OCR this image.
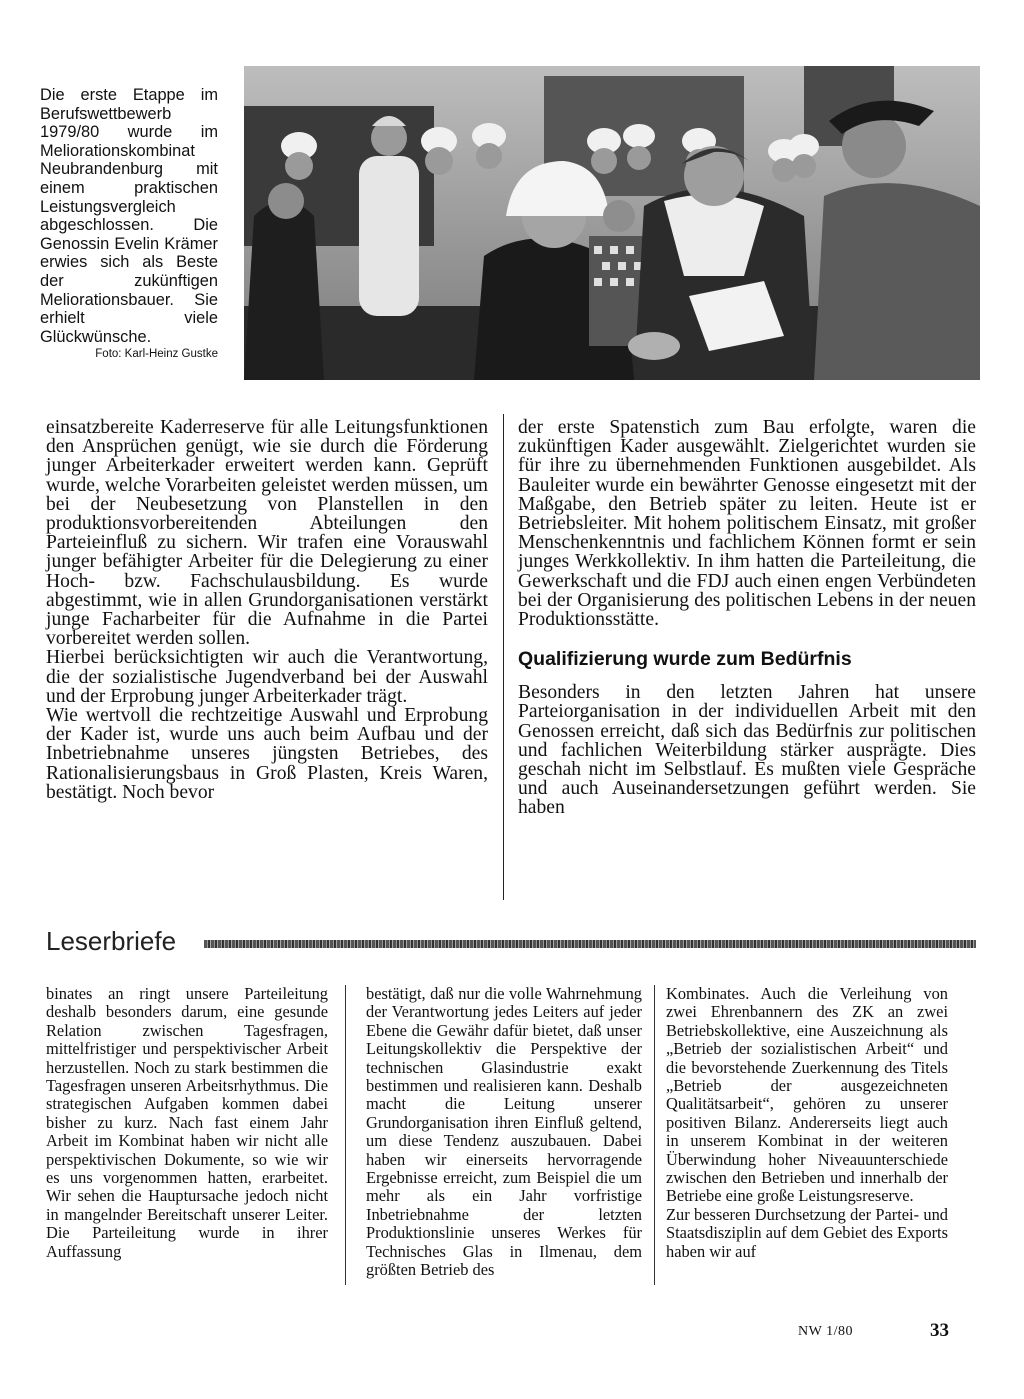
Die erste Etappe im Berufswettbewerb 1979/80 wurde im Meliorationskombinat Neubrandenburg mit einem praktischen Leistungsvergleich abgeschlossen. Die Genossin Evelin Krämer erwies sich als Beste der zukünftigen Meliorationsbauer. Sie erhielt viele Glückwünsche.
Foto: Karl-Heinz Gustke

einsatzbereite Kaderreserve für alle Leitungsfunktionen den Ansprüchen genügt, wie sie durch die Förderung junger Arbeiterkader erweitert werden kann. Geprüft wurde, welche Vorarbeiten geleistet werden müssen, um bei der Neubesetzung von Planstellen in den produktionsvorbereitenden Abteilungen den Parteieinfluß zu sichern. Wir trafen eine Vorauswahl junger befähigter Arbeiter für die Delegierung zu einer Hoch- bzw. Fachschulausbildung. Es wurde abgestimmt, wie in allen Grundorganisationen verstärkt junge Facharbeiter für die Aufnahme in die Partei vorbereitet werden sollen.

Hierbei berücksichtigten wir auch die Verantwortung, die der sozialistische Jugendverband bei der Auswahl und der Erprobung junger Arbeiterkader trägt.

Wie wertvoll die rechtzeitige Auswahl und Erprobung der Kader ist, wurde uns auch beim Aufbau und der Inbetriebnahme unseres jüngsten Betriebes, des Rationalisierungsbaus in Groß Plasten, Kreis Waren, bestätigt. Noch bevor

der erste Spatenstich zum Bau erfolgte, waren die zukünftigen Kader ausgewählt. Zielgerichtet wurden sie für ihre zu übernehmenden Funktionen ausgebildet. Als Bauleiter wurde ein bewährter Genosse eingesetzt mit der Maßgabe, den Betrieb später zu leiten. Heute ist er Betriebsleiter. Mit hohem politischem Einsatz, mit großer Menschenkenntnis und fachlichem Können formt er sein junges Werkkollektiv. In ihm hatten die Parteileitung, die Gewerkschaft und die FDJ auch einen engen Verbündeten bei der Organisierung des politischen Lebens in der neuen Produktionsstätte.

Qualifizierung wurde zum Bedürfnis

Besonders in den letzten Jahren hat unsere Parteiorganisation in der individuellen Arbeit mit den Genossen erreicht, daß sich das Bedürfnis zur politischen und fachlichen Weiterbildung stärker ausprägte. Dies geschah nicht im Selbstlauf. Es mußten viele Gespräche und auch Auseinandersetzungen geführt werden. Sie haben

Leserbriefe

binates an ringt unsere Parteileitung deshalb besonders darum, eine gesunde Relation zwischen Tagesfragen, mittelfristiger und perspektivischer Arbeit herzustellen. Noch zu stark bestimmen die Tagesfragen unseren Arbeitsrhythmus. Die strategischen Aufgaben kommen dabei bisher zu kurz. Nach fast einem Jahr Arbeit im Kombinat haben wir nicht alle perspektivischen Dokumente, so wie wir es uns vorgenommen hatten, erarbeitet. Wir sehen die Hauptursache jedoch nicht in mangelnder Bereitschaft unserer Leiter. Die Parteileitung wurde in ihrer Auffassung

bestätigt, daß nur die volle Wahrnehmung der Verantwortung jedes Leiters auf jeder Ebene die Gewähr dafür bietet, daß unser Leitungskollektiv die Perspektive der technischen Glasindustrie exakt bestimmen und realisieren kann. Deshalb macht die Leitung unserer Grundorganisation ihren Einfluß geltend, um diese Tendenz auszubauen. Dabei haben wir einerseits hervorragende Ergebnisse erreicht, zum Beispiel die um mehr als ein Jahr vorfristige Inbetriebnahme der letzten Produktionslinie unseres Werkes für Technisches Glas in Ilmenau, dem größten Betrieb des

Kombinates. Auch die Verleihung von zwei Ehrenbannern des ZK an zwei Betriebskollektive, eine Auszeichnung als „Betrieb der sozialistischen Arbeit“ und die bevorstehende Zuerkennung des Titels „Betrieb der ausgezeichneten Qualitätsarbeit“, gehören zu unserer positiven Bilanz. Andererseits liegt auch in unserem Kombinat in der weiteren Überwindung hoher Niveauunterschiede zwischen den Betrieben und innerhalb der Betriebe eine große Leistungsreserve.

Zur besseren Durchsetzung der Partei- und Staatsdisziplin auf dem Gebiet des Exports haben wir auf

NW 1/80	33
